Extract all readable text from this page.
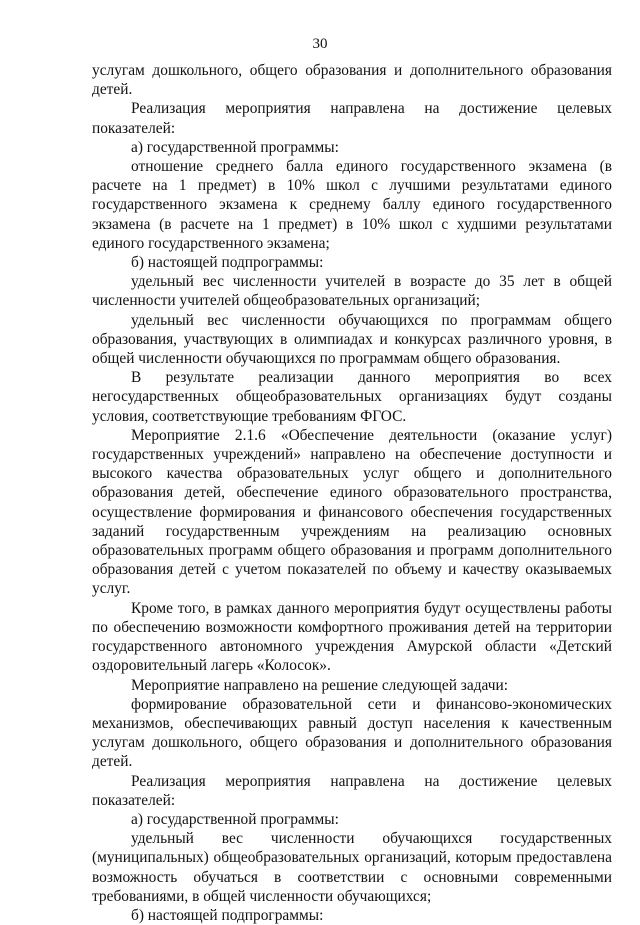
30

услугам дошкольного, общего образования и дополнительного образования детей.

Реализация мероприятия направлена на достижение целевых показателей:

а) государственной программы:

отношение среднего балла единого государственного экзамена (в расчете на 1 предмет) в 10% школ с лучшими результатами единого государственного экзамена к среднему баллу единого государственного экзамена (в расчете на 1 предмет) в 10% школ с худшими результатами единого государственного экзамена;

б) настоящей подпрограммы:

удельный вес численности учителей в возрасте до 35 лет в общей численности учителей общеобразовательных организаций;

удельный вес численности обучающихся по программам общего образования, участвующих в олимпиадах и конкурсах различного уровня, в общей численности обучающихся по программам общего образования.

В результате реализации данного мероприятия во всех негосударственных общеобразовательных организациях будут созданы условия, соответствующие требованиям ФГОС.

Мероприятие 2.1.6 «Обеспечение деятельности (оказание услуг) государственных учреждений» направлено на обеспечение доступности и высокого качества образовательных услуг общего и дополнительного образования детей, обеспечение единого образовательного пространства, осуществление формирования и финансового обеспечения государственных заданий государственным учреждениям на реализацию основных образовательных программ общего образования и программ дополнительного образования детей с учетом показателей по объему и качеству оказываемых услуг.

Кроме того, в рамках данного мероприятия будут осуществлены работы по обеспечению возможности комфортного проживания детей на территории государственного автономного учреждения Амурской области «Детский оздоровительный лагерь «Колосок».

Мероприятие направлено на решение следующей задачи:

формирование образовательной сети и финансово-экономических механизмов, обеспечивающих равный доступ населения к качественным услугам дошкольного, общего образования и дополнительного образования детей.

Реализация мероприятия направлена на достижение целевых показателей:

а) государственной программы:

удельный вес численности обучающихся государственных (муниципальных) общеобразовательных организаций, которым предоставлена возможность обучаться в соответствии с основными современными требованиями, в общей численности обучающихся;

б) настоящей подпрограммы:
